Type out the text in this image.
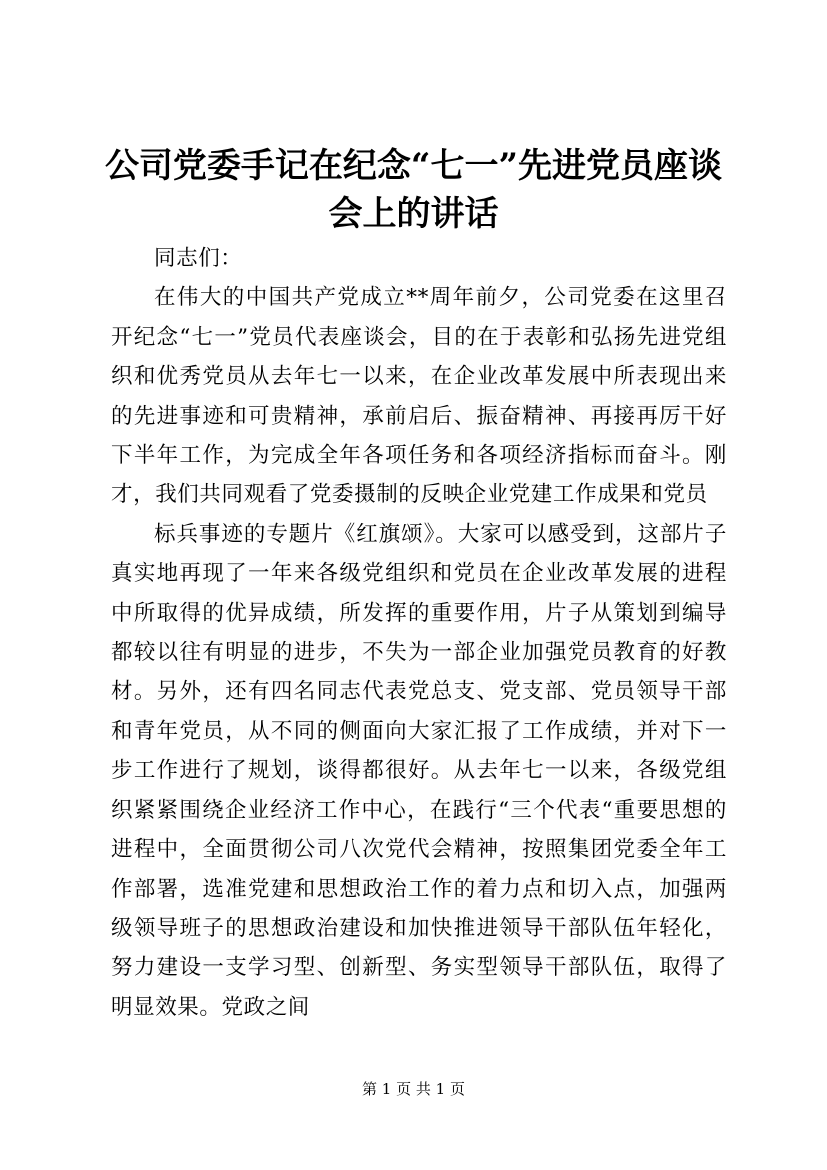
公司党委手记在纪念“七一”先进党员座谈会上的讲话

同志们：

在伟大的中国共产党成立**周年前夕，公司党委在这里召开纪念“七一”党员代表座谈会，目的在于表彰和弘扬先进党组织和优秀党员从去年七一以来，在企业改革发展中所表现出来的先进事迹和可贵精神，承前启后、振奋精神、再接再厉干好下半年工作，为完成全年各项任务和各项经济指标而奋斗。刚才，我们共同观看了党委摄制的反映企业党建工作成果和党员

标兵事迹的专题片《红旗颂》。大家可以感受到，这部片子真实地再现了一年来各级党组织和党员在企业改革发展的进程中所取得的优异成绩，所发挥的重要作用，片子从策划到编导都较以往有明显的进步，不失为一部企业加强党员教育的好教材。另外，还有四名同志代表党总支、党支部、党员领导干部和青年党员，从不同的侧面向大家汇报了工作成绩，并对下一步工作进行了规划，谈得都很好。从去年七一以来，各级党组织紧紧围绕企业经济工作中心，在践行“三个代表“重要思想的进程中，全面贯彻公司八次党代会精神，按照集团党委全年工作部署，选准党建和思想政治工作的着力点和切入点，加强两级领导班子的思想政治建设和加快推进领导干部队伍年轻化，努力建设一支学习型、创新型、务实型领导干部队伍，取得了明显效果。党政之间

第 1 页 共 1 页
